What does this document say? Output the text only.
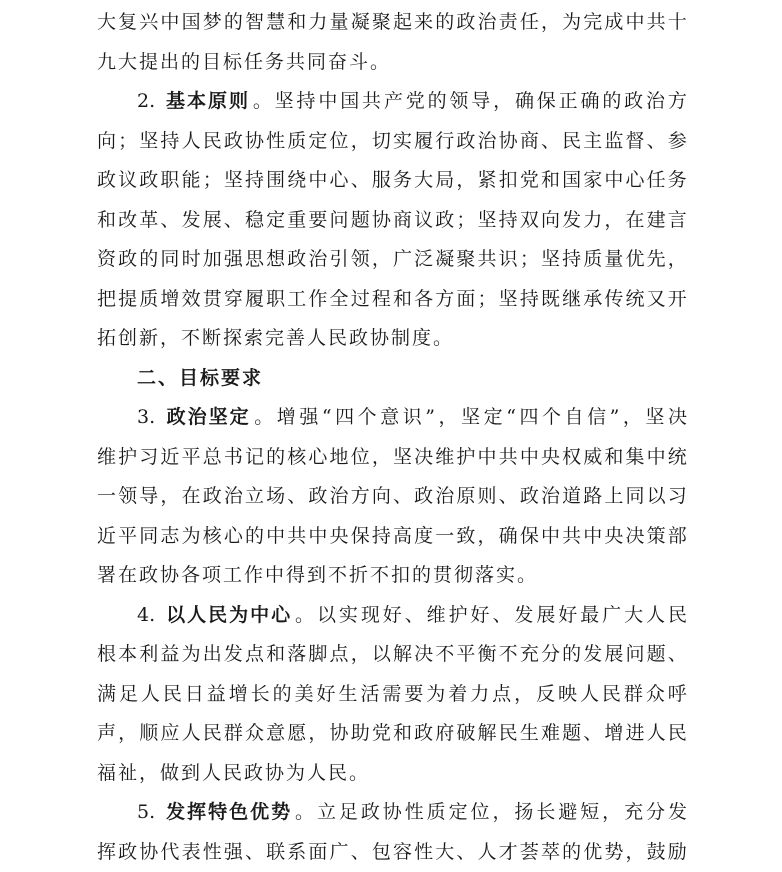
大 复 兴 中 国 梦 的 智 慧 和 力 量 凝 聚 起 来 的 政 治 责 任 ， 为 完 成 中 共 十
九大提出的目标任务共同奋斗。
2. 基本原则 。 坚 持 中 国 共 产 党 的 领 导 ， 确 保 正 确 的 政 治 方
向 ； 坚 持 人 民 政 协 性 质 定 位 ， 切 实 履 行 政 治 协 商 、 民 主 监 督 、 参
政 议 政 职 能 ； 坚 持 围 绕 中 心 、 服 务 大 局 ， 紧 扣 党 和 国 家 中 心 任 务
和 改 革 、 发 展 、 稳 定 重 要 问 题 协 商 议 政 ； 坚 持 双 向 发 力 ， 在 建 言
资 政 的 同 时 加 强 思 想 政 治 引 领 ， 广 泛 凝 聚 共 识 ； 坚 持 质 量 优 先 ，
把 提 质 增 效 贯 穿 履 职 工 作 全 过 程 和 各 方 面 ； 坚 持 既 继 承 传 统 又 开
拓创新，不断探索完善人民政协制度。
二、目标要求
3. 政治坚定 。 增 强 “ 四 个 意 识 ” ， 坚 定 “ 四 个 自 信 ” ， 坚 决
维 护 习 近 平 总 书 记 的 核 心 地 位 ， 坚 决 维 护 中 共 中 央 权 威 和 集 中 统
一 领 导 ， 在 政 治 立 场 、 政 治 方 向 、 政 治 原 则 、 政 治 道 路 上 同 以 习
近 平 同 志 为 核 心 的 中 共 中 央 保 持 高 度 一 致 ， 确 保 中 共 中 央 决 策 部
署在政协各项工作中得到不折不扣的贯彻落实。
4. 以人民为中心 。 以 实 现 好 、 维 护 好 、 发 展 好 最 广 大 人 民
根 本 利 益 为 出 发 点 和 落 脚 点 ， 以 解 决 不 平 衡 不 充 分 的 发 展 问 题 、
满 足 人 民 日 益 增 长 的 美 好 生 活 需 要 为 着 力 点 ， 反 映 人 民 群 众 呼
声 ， 顺 应 人 民 群 众 意 愿 ， 协 助 党 和 政 府 破 解 民 生 难 题 、 增 进 人 民
福祉，做到人民政协为人民。
5. 发挥特色优势 。 立 足 政 协 性 质 定 位 ， 扬 长 避 短 ， 充 分 发
挥 政 协 代 表 性 强 、 联 系 面 广 、 包 容 性 大 、 人 才 荟 萃 的 优 势 ， 鼓 励
